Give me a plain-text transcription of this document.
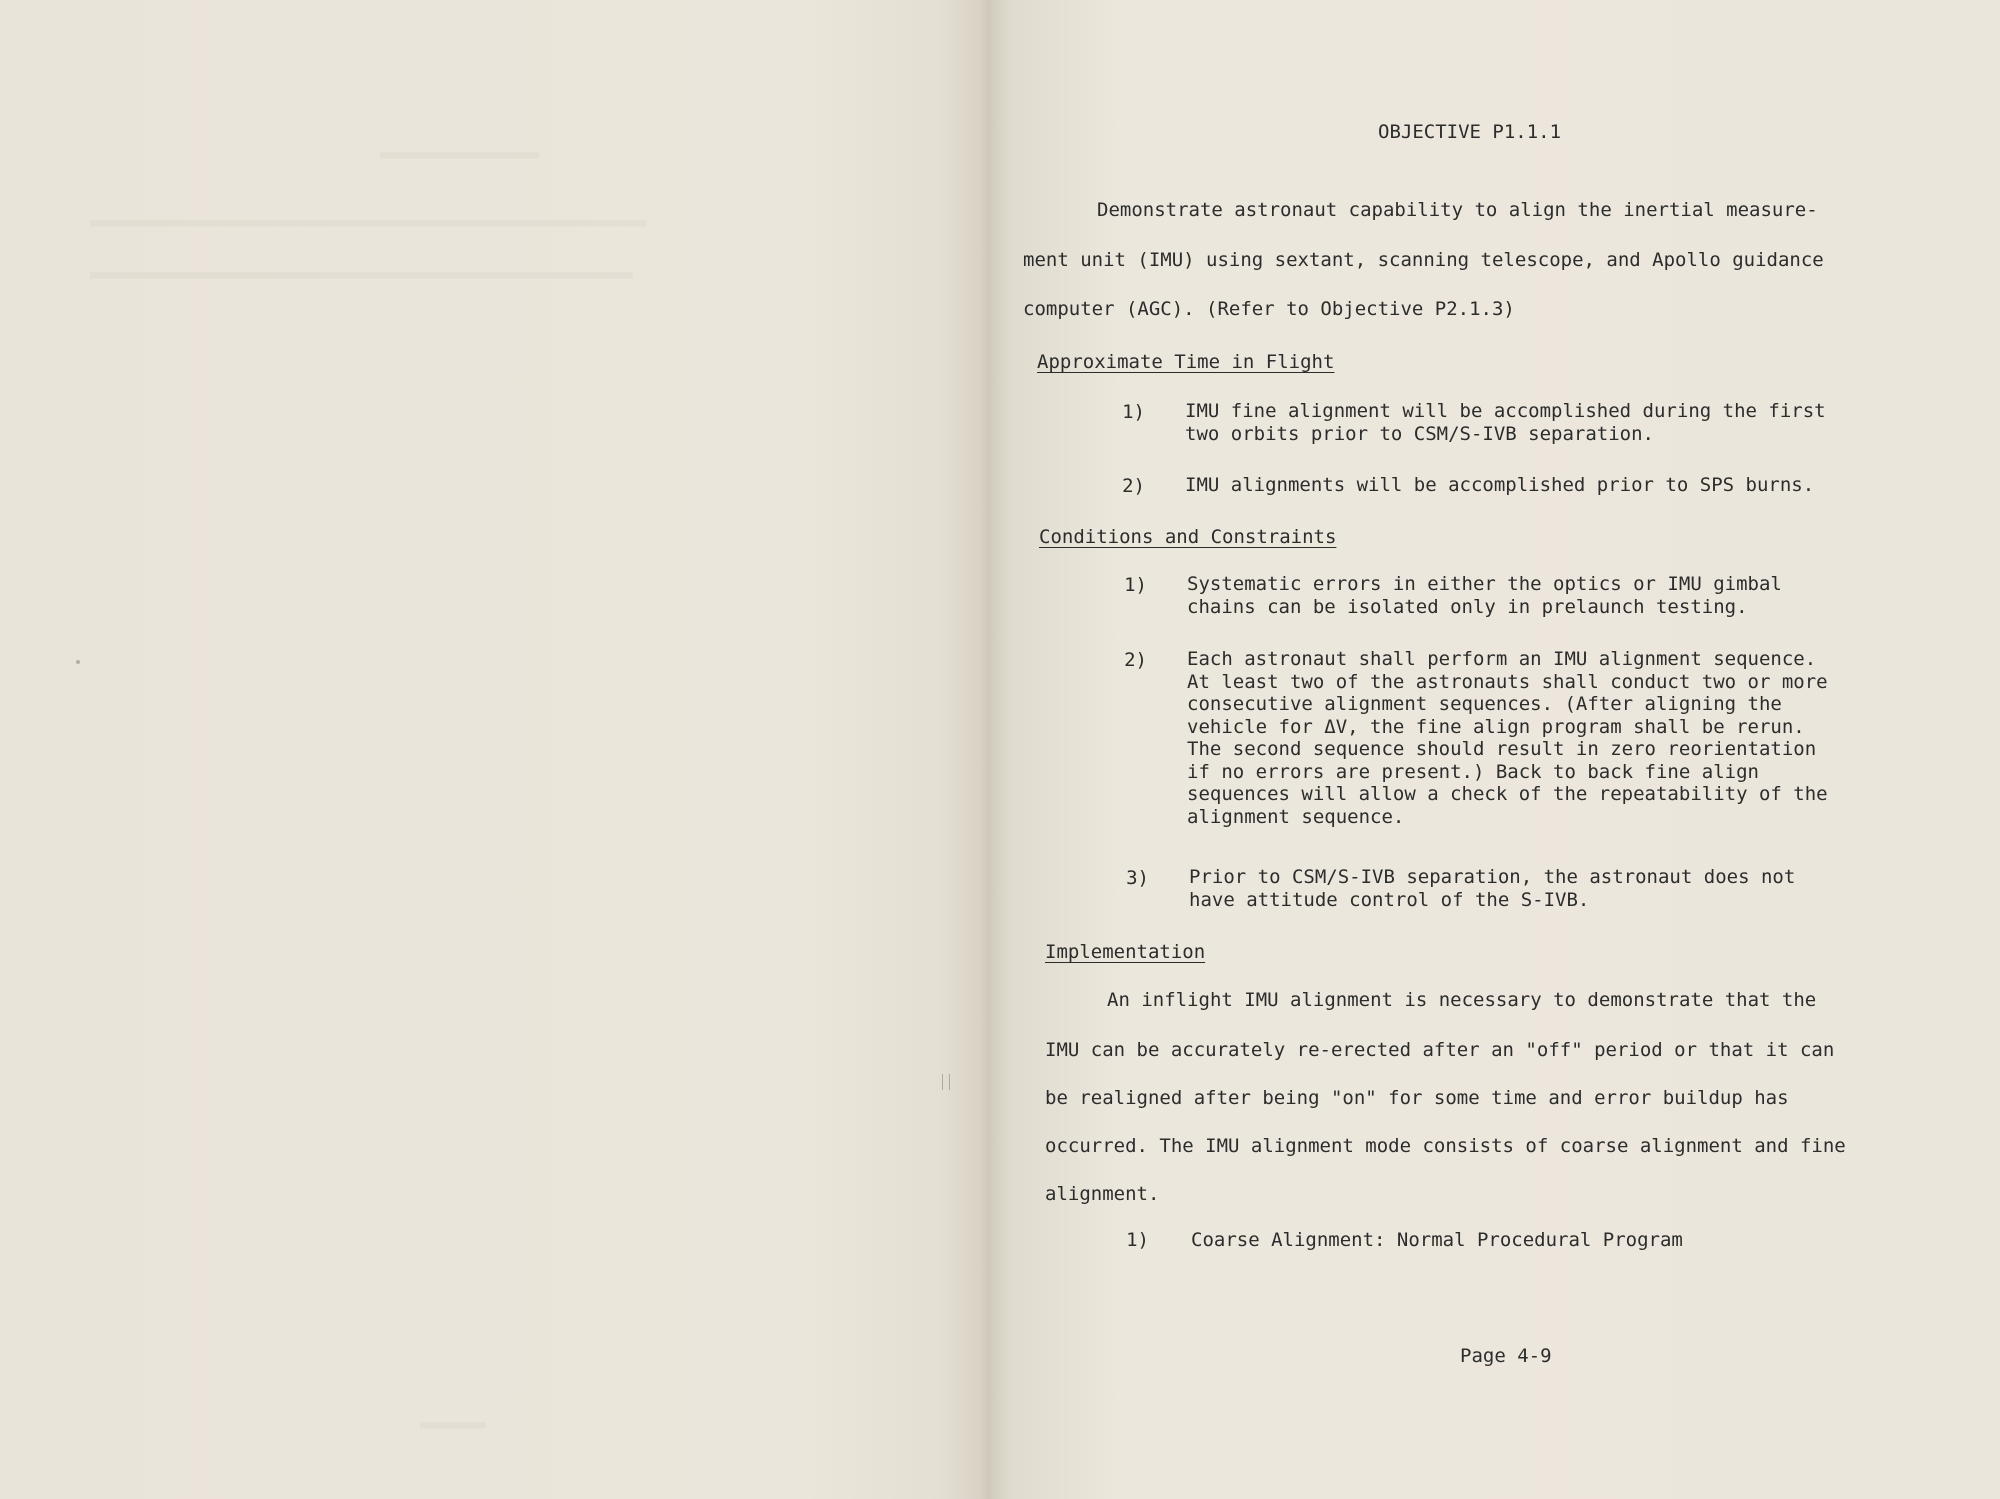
▬▬▬▬▬▬▬▬▬▬▬▬
▬▬▬▬▬▬▬▬▬▬▬▬▬▬▬▬▬▬▬▬▬▬▬▬▬▬▬▬▬▬▬▬▬▬▬▬▬▬▬▬▬▬
▬▬▬▬▬▬▬▬▬▬▬▬▬▬▬▬▬▬▬▬▬▬▬▬▬▬▬▬▬▬▬▬▬▬▬▬▬▬▬▬▬
▬▬▬▬▬
OBJECTIVE P1.1.1
Demonstrate astronaut capability to align the inertial measure-
ment unit (IMU) using sextant, scanning telescope, and Apollo guidance
computer (AGC). (Refer to Objective P2.1.3)
Approximate Time in Flight
1) IMU fine alignment will be accomplished during the first
two orbits prior to CSM/S-IVB separation.
2) IMU alignments will be accomplished prior to SPS burns.
Conditions and Constraints
1) Systematic errors in either the optics or IMU gimbal
chains can be isolated only in prelaunch testing.
2) Each astronaut shall perform an IMU alignment sequence.
At least two of the astronauts shall conduct two or more
consecutive alignment sequences. (After aligning the
vehicle for ΔV, the fine align program shall be rerun.
The second sequence should result in zero reorientation
if no errors are present.) Back to back fine align
sequences will allow a check of the repeatability of the
alignment sequence.
3) Prior to CSM/S-IVB separation, the astronaut does not
have attitude control of the S-IVB.
Implementation
An inflight IMU alignment is necessary to demonstrate that the
IMU can be accurately re-erected after an "off" period or that it can
be realigned after being "on" for some time and error buildup has
occurred. The IMU alignment mode consists of coarse alignment and fine
alignment.
1) Coarse Alignment: Normal Procedural Program
Page 4-9
